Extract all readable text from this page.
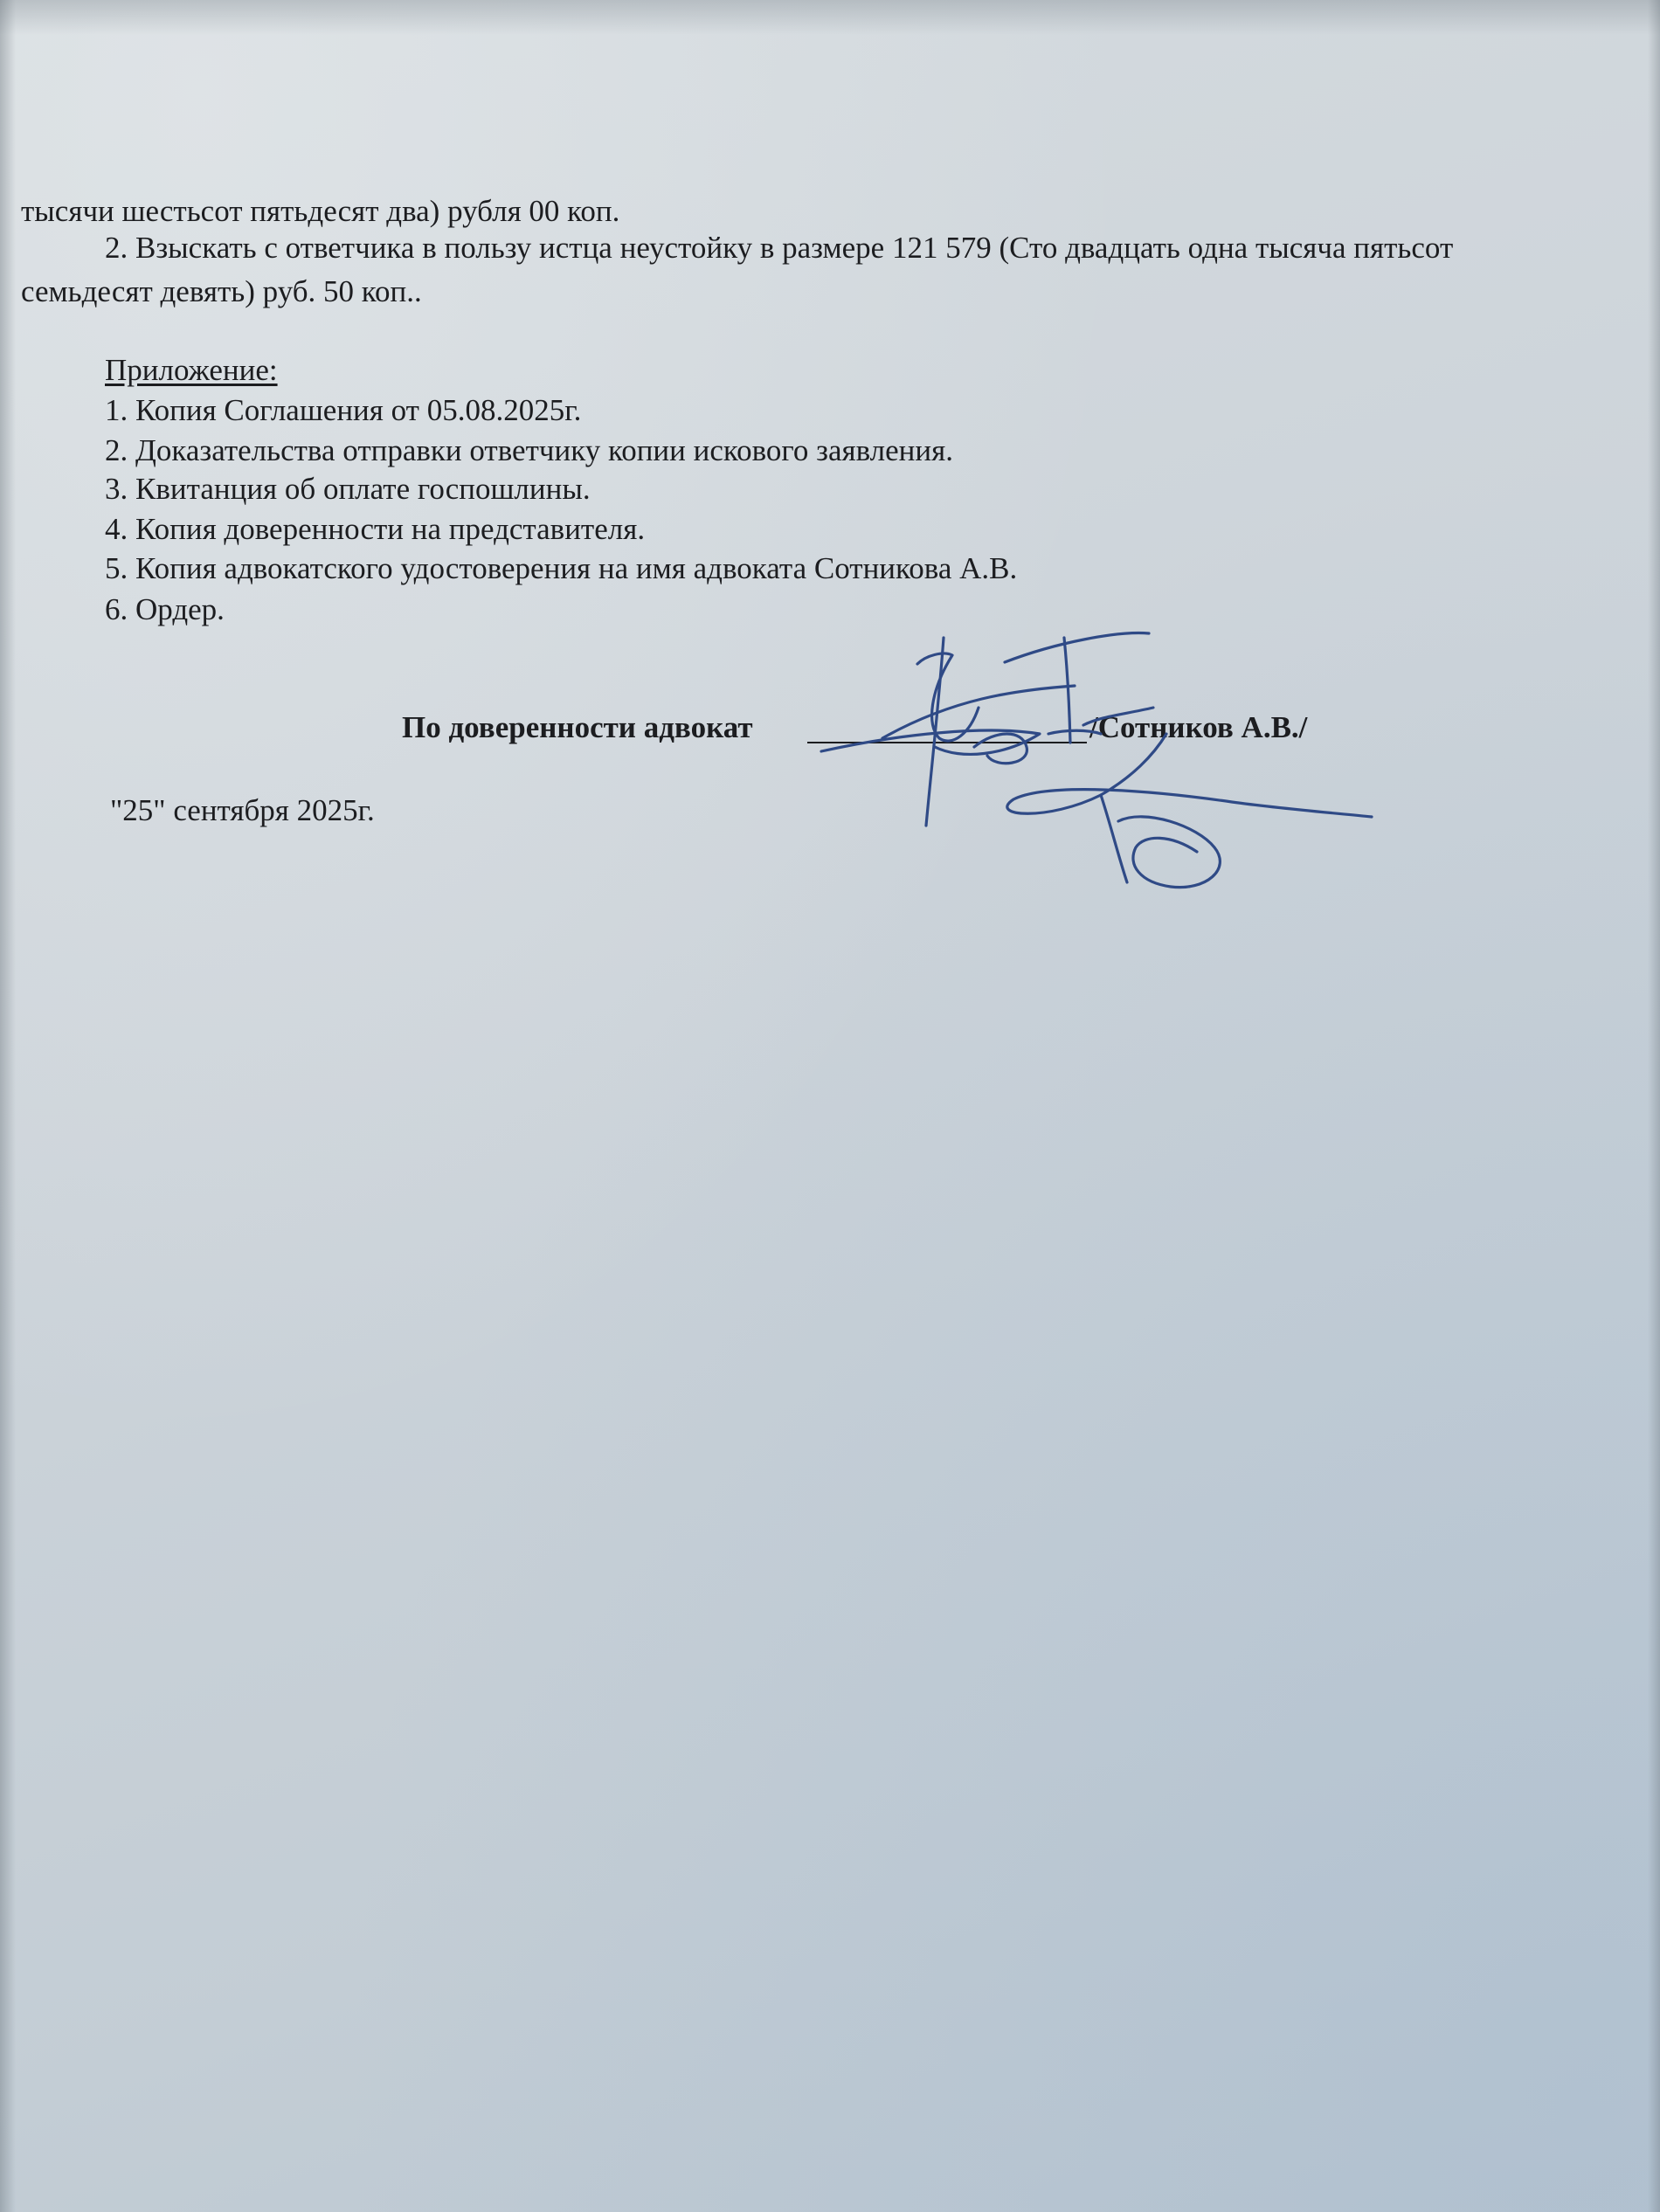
тысячи шестьсот пятьдесят два) рубля 00 коп.
2. Взыскать с ответчика в пользу истца неустойку в размере 121 579 (Сто двадцать одна тысяча пятьсот
семьдесят девять) руб. 50 коп..
Приложение:
1. Копия Соглашения от 05.08.2025г.
2. Доказательства отправки ответчику копии искового заявления.
3. Квитанция об оплате госпошлины.
4. Копия доверенности на представителя.
5. Копия адвокатского удостоверения на имя адвоката Сотникова А.В.
6. Ордер.
По доверенности адвокат	/Сотников А.В./
"25" сентября 2025г.
